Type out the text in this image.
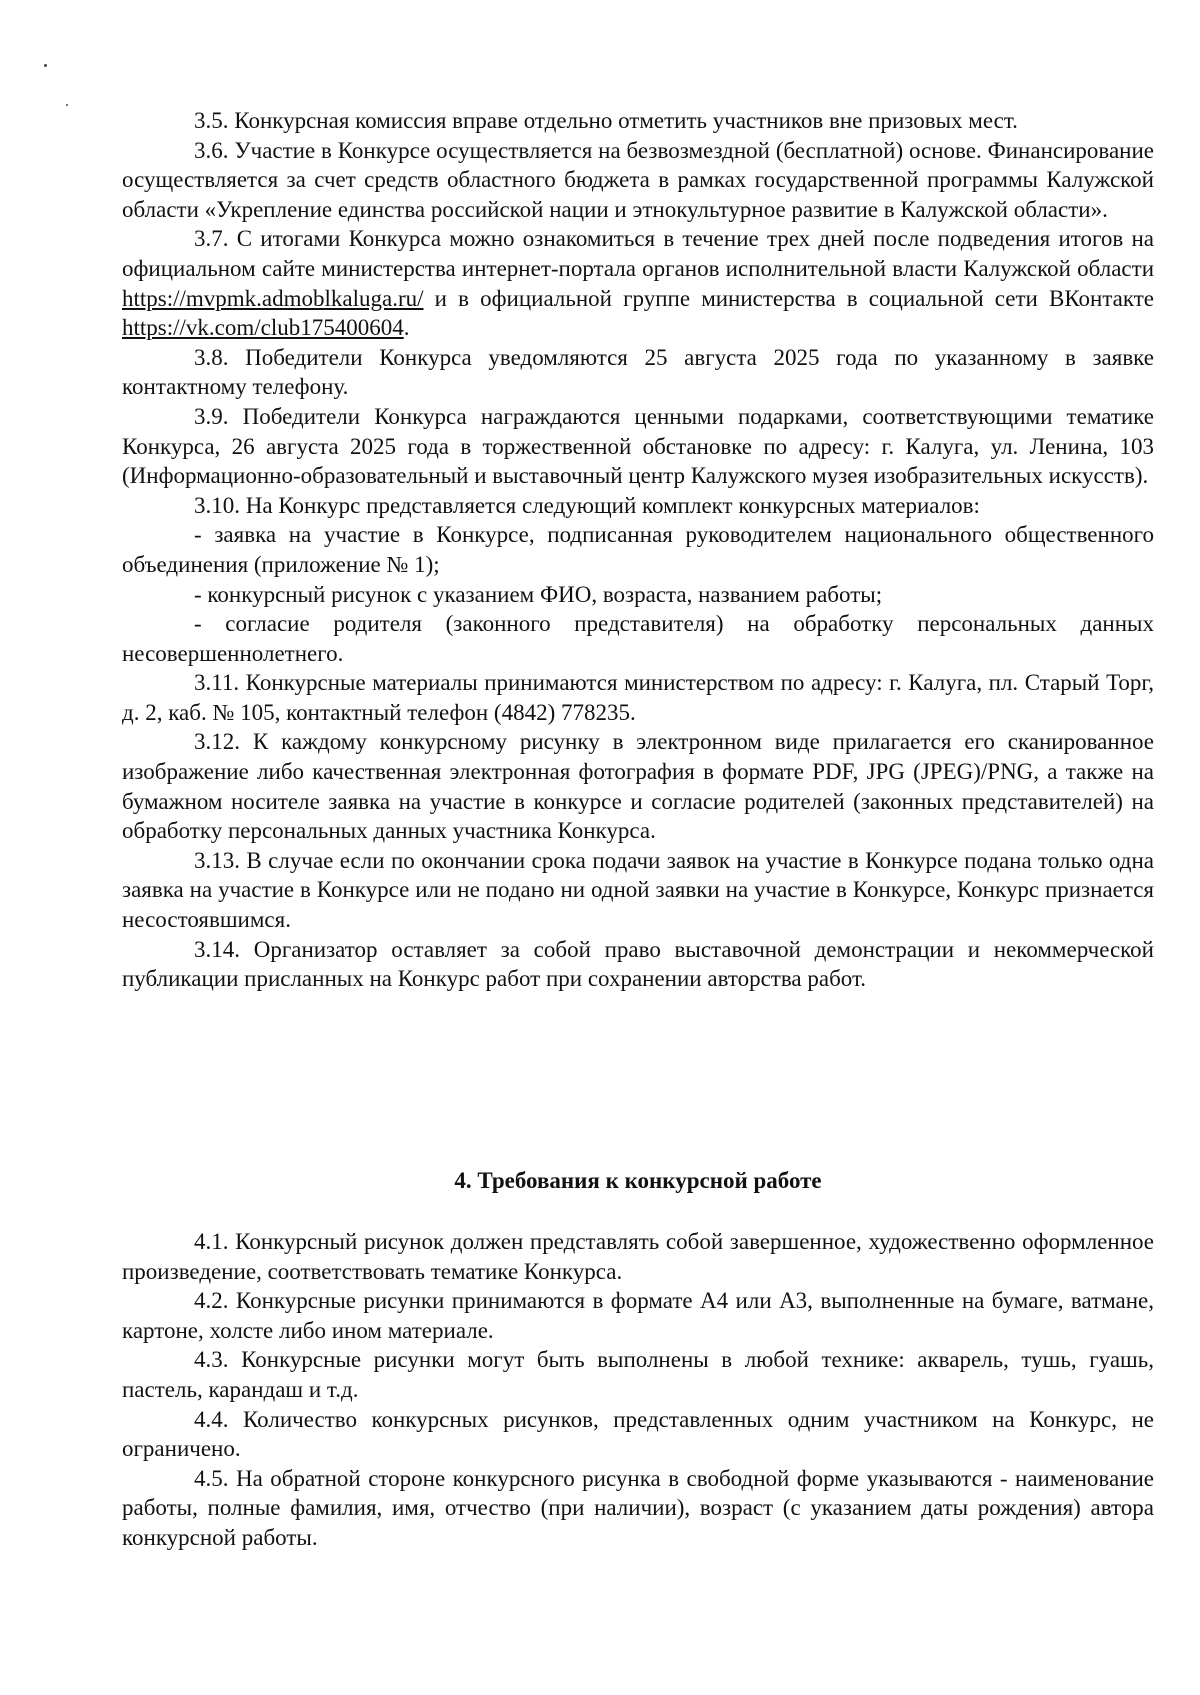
3.5. Конкурсная комиссия вправе отдельно отметить участников вне призовых мест.

3.6. Участие в Конкурсе осуществляется на безвозмездной (бесплатной) основе. Финансирование осуществляется за счет средств областного бюджета в рамках государственной программы Калужской области «Укрепление единства российской нации и этнокультурное развитие в Калужской области».

3.7. С итогами Конкурса можно ознакомиться в течение трех дней после подведения итогов на официальном сайте министерства интернет-портала органов исполнительной власти Калужской области https://mvpmk.admoblkaluga.ru/ и в официальной группе министерства в социальной сети ВКонтакте https://vk.com/club175400604.

3.8. Победители Конкурса уведомляются 25 августа 2025 года по указанному в заявке контактному телефону.

3.9. Победители Конкурса награждаются ценными подарками, соответствующими тематике Конкурса, 26 августа 2025 года в торжественной обстановке по адресу: г. Калуга, ул. Ленина, 103 (Информационно-образовательный и выставочный центр Калужского музея изобразительных искусств).

3.10. На Конкурс представляется следующий комплект конкурсных материалов:

- заявка на участие в Конкурсе, подписанная руководителем национального общественного объединения (приложение № 1);

- конкурсный рисунок с указанием ФИО, возраста, названием работы;

- согласие родителя (законного представителя) на обработку персональных данных несовершеннолетнего.

3.11. Конкурсные материалы принимаются министерством по адресу: г. Калуга, пл. Старый Торг, д. 2, каб. № 105, контактный телефон (4842) 778235.

3.12. К каждому конкурсному рисунку в электронном виде прилагается его сканированное изображение либо качественная электронная фотография в формате PDF, JPG (JPEG)/PNG, а также на бумажном носителе заявка на участие в конкурсе и согласие родителей (законных представителей) на обработку персональных данных участника Конкурса.

3.13. В случае если по окончании срока подачи заявок на участие в Конкурсе подана только одна заявка на участие в Конкурсе или не подано ни одной заявки на участие в Конкурсе, Конкурс признается несостоявшимся.

3.14. Организатор оставляет за собой право выставочной демонстрации и некоммерческой публикации присланных на Конкурс работ при сохранении авторства работ.

4. Требования к конкурсной работе

4.1. Конкурсный рисунок должен представлять собой завершенное, художественно оформленное произведение, соответствовать тематике Конкурса.

4.2. Конкурсные рисунки принимаются в формате А4 или А3, выполненные на бумаге, ватмане, картоне, холсте либо ином материале.

4.3. Конкурсные рисунки могут быть выполнены в любой технике: акварель, тушь, гуашь, пастель, карандаш и т.д.

4.4. Количество конкурсных рисунков, представленных одним участником на Конкурс, не ограничено.

4.5. На обратной стороне конкурсного рисунка в свободной форме указываются - наименование работы, полные фамилия, имя, отчество (при наличии), возраст (с указанием даты рождения) автора конкурсной работы.
